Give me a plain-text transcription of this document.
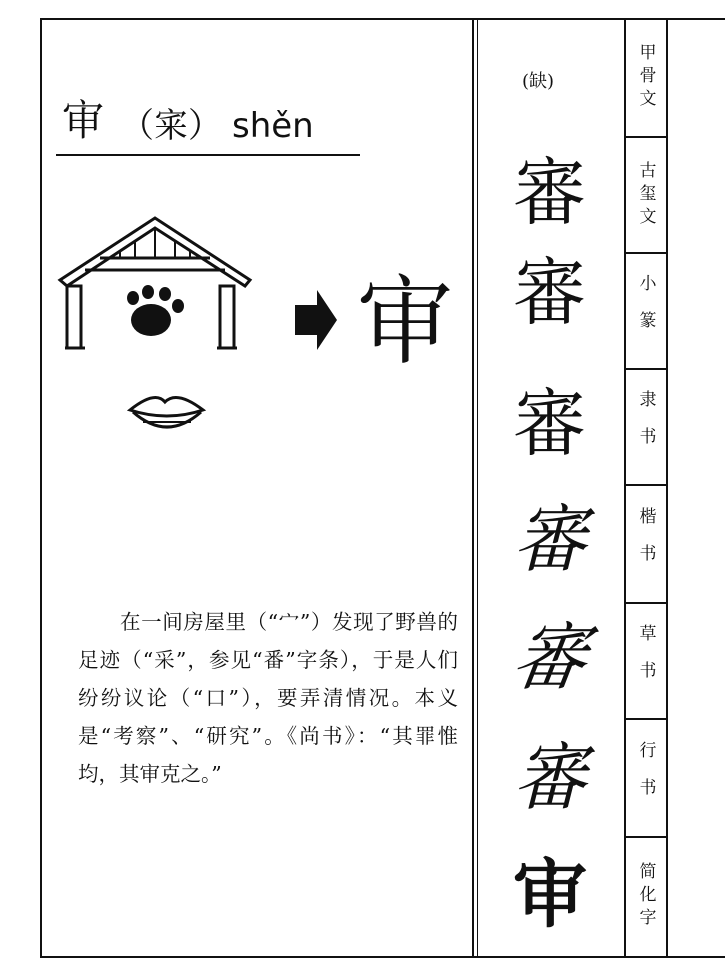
审 （宷） shěn
审
在一间房屋里（“宀”）发现了野兽的足迹（“采”，参见“番”字条），于是人们纷纷议论（“口”），要弄清情况。本义是“考察”、“研究”。《尚书》：“其罪惟均，其审克之。”
(缺)
審
審
審
審
審
審
审
甲骨文
古玺文
小篆
隶书
楷书
草书
行书
简化字
